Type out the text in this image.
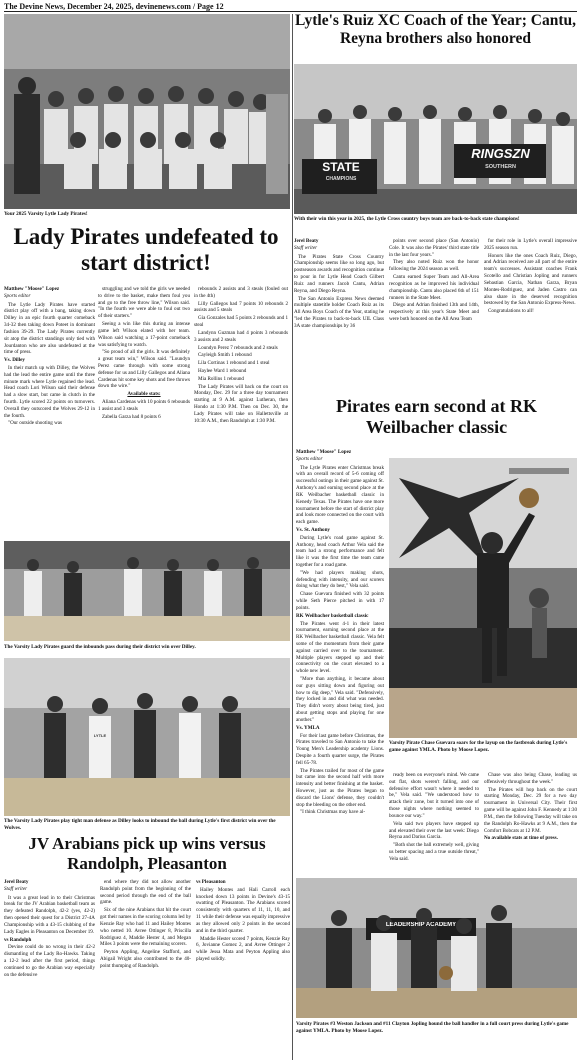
The Devine News, December 24, 2025, devinenews.com / Page 12
Your 2025 Varsity Lytle Lady Pirates!
Lady Pirates undefeated to start district!

Matthew "Moose" Lopez

Sports editor

The Lytle Lady Pirates have started district play off with a bang, taking down Dilley in an epic fourth quarter comeback 34-32 then taking down Poteet in dominant fashion 39-29. The Lady Pirates currently sit atop the district standings only tied with Jourdanton who are also undefeated at the time of press.

Vs. Dilley

In their match up with Dilley, the Wolves had the lead the entire game until the three minute mark where Lytle regained the lead. Head coach Lori Wilson said their defense had a slow start, but came in clutch in the fourth. Lytle scored 22 points on turnovers. Overall they outscored the Wolves 29-12 in the fourth.

"Our outside shooting was

struggling and we told the girls we needed to drive to the basket, make them foul you and go to the free throw line," Wilson said. "In the fourth we were able to foul out two of their starters."

Seeing a win like this during an intense game left Wilson elated with her team. Wilson said watching a 17-point comeback was satisfying to watch.

"So proud of all the girls. It was definitely a great team win," Wilson said. "Loundyn Perez came through with some strong defense for us and Lilly Gallegos and Aliana Cardenas hit some key shots and free throws down the wire."

Available stats:

Aliana Cardenas with 10 points 6 rebounds 1 assist and 3 steals

Zabella Garza had 8 points 6

rebounds 2 assists and 3 steals (fouled out in the 4th)

Lilly Gallegos had 7 points 10 rebounds 2 assists and 5 steals

Gia Gonzales had 5 points 2 rebounds and 1 steal

Landynn Guzman had 4 points 3 rebounds 3 assists and 2 steals

Loundyn Perez 7 rebounds and 2 steals

Cayleigh Smith 1 rebound

Lila Cortinas 1 rebound and 1 steal

Haylee Ward 1 rebound

Mia Rollins 1 rebound

The Lady Pirates will back on the court on Monday, Dec. 29 for a three day tournament starting at 9 A.M. against Lutheran, then Hondo at 1:30 P.M. Then on Dec. 30, the Lady Pirates will take on Hallettsville at 10:30 A.M., then Randolph at 1:30 P.M.

Lytle's Ruiz XC Coach of the Year; Cantu, Reyna brothers also honored
STATE
CHAMPIONS
RINGSZN
SOUTHERN
With their win this year in 2025, the Lytle Cross country boys team are back-to-back state champions!

Jerel Beaty

Staff writer

The Pirates State Cross Country Championship seems like so long ago, but postseason awards and recognition continue to pour in for Lytle Head Coach Gilbert Ruiz and runners Jacob Cantu, Adrian Reyna, and Diego Reyna.

The San Antonio Express News deemed multiple statetitle holder Coach Ruiz as its All Area Boys Coach of the Year, stating he "led the Pirates to back-to-back UIL Class 3A state championships by 36

points over second place (San Antonio) Cole. It was also the Pirates' third state title in the last four years."

They also noted Ruiz won the honor following the 2024 season as well.

Cantu earned Super Team and All-Area recognition as he improved his individual championship. Cantu also placed 6th of 151 runners in the State Meet.

Diego and Adrian finished 13th and 14th, respectively at this year's State Meet and were both honored on the All Area Team

for their role in Lytle's overall impressive 2025 season run.

Honors like the ones Coach Ruiz, Diego, and Adrian received are all part of the entire team's successes. Assistant coaches Frank Scotello and Christian Jopling and runners Sebastian Garcia, Nathan Garza, Bryan Montes-Rodriguez, and Jaden Castro can also share in the deserved recognition bestowed by the San Antonio Express-News.

Congratulations to all!

Pirates earn second at RK Weilbacher classic

Matthew "Moose" Lopez

Sports editor

The Lytle Pirates enter Christmas break with an overall record of 5-6 coming off successful outings in their game against St. Anthony's and earning second place at the RK Weilbacher basketball classic in Kenedy Texas. The Pirates have one more tournament before the start of district play and look more connected on the court with each game.

Vs. St. Anthony

During Lytle's road game against St. Anthony, head coach Arthur Vela said the team had a strong performance and felt like it was the first time the team came together for a road game.

"We had players making shots, defending with intensity, and our scorers doing what they do best," Vela said.

Chase Guevara finished with 32 points while Seth Pierce pitched in with 17 points.

RK Weilbacher basketball classic

The Pirates went 4-1 in their latest tournament, earning second place at the RK Weilbacher basketball classic. Vela felt some of the momentum from their game against carried over to the tournament. Multiple players stepped up and their connectivity on the court elevated to a whole new level.

"More than anything, it became about our guys sitting down and figuring out how to dig deep," Vela said. "Defensively, they locked in and did what was needed. They didn't worry about being tired, just about getting stops and playing for one another."

Vs. YMLA

For their last game before Christmas, the Pirates traveled to San Antonio to take the Young Men's Leadership academy Lions. Despite a fourth quarter surge, the Pirates fell 65-78.

The Pirates trailed for most of the game but came into the second half with more intensity and better finishing at the basket. However, just as the Pirates began to discard the Lions' defense, they couldn't stop the bleeding on the other end.

"I think Christmas may have al-

Varsity Pirate Chase Guevara soars for the layup on the fastbreak during Lytle's game against YMLA. Photo by Moose Lopez.

ready been on everyone's mind. We came out flat, shots weren't falling, and our defensive effort wasn't where it needed to be," Vela said. "We understood how to attack their zone, but it turned into one of those nights where nothing seemed to bounce our way."

Vela said two players have stepped up and elevated their over the last week: Diego Reyna and Darius Garcia.

"Both shot the ball extremely well, giving us better spacing and a true outside threat," Vela said.

Chase was also being Chase, leading us offensively throughout the week."

The Pirates will hop back on the court starting Monday, Dec. 29 for a two day tournament in Universal City. Their first game will be against John F. Kennedy at 1:30 P.M., then the following Tuesday will take on the Randolph Ro-Hawks at 9 A.M., then the Comfort Bobcats at 12 P.M.

No available stats at time of press.

LEADERSHIP ACADEMY
Varsity Pirates #3 Weston Jackson and #11 Clayton Jopling hound the ball handler in a full court press during Lytle's game against YMLA. Photo by Moose Lopez.
The Varsity Lady Pirates guard the inbounds pass during their district win over Dilley.
LYTLE
The Varsity Lady Pirates play tight man defense as Dilley looks to inbound the ball during Lytle's first district win over the Wolves.
JV Arabians pick up wins versus Randolph, Pleasanton

Jerel Beaty

Staff writer

It was a great lead in to their Christmas break for the JV Arabian basketball team as they defeated Randolph, 42-2 (yes, 42-2) then opened their quest for a District 27-4A Championship with a 43-15 clubbing of the Lady Eagles in Pleasanton on December 19.

vs Randolph

Devine could do no wrong in their 42-2 dismantling of the Lady Ro-Hawks. Taking a 12-2 lead after the first period, things continued to go the Arabian way especially on the defensive

end where they did not allow another Randolph point from the beginning of the second period through the end of the ball game.

Six of the nine Arabians that hit the court got their names in the scoring column led by Kenzie Ray who had 11 and Hailey Montes who netted 10. Avree Ottinger 8, Priscilla Rodriguez 4, Maddie Hester 4, and Megan Miles 3 points were the remaining scorers.

Peyton Appling, Angeline Stafford, and Abigail Wright also contributed to the 40-point thumping of Randolph.

vs Pleasanton

Hailey Montes and Hali Carroll each knocked down 13 points in Devine's 43-15 swatting of Pleasanton. The Arabians scored consistently with quarters of 11, 11, 10, and 11 while their defense was equally impressive as they allowed only 2 points in the second and in the third quarter.

Maddie Hester scored 7 points, Kenzie Ray 6, Jovianne Gomez 2, and Avree Ottinger 2 while Jessa Mata and Peyton Appling also played solidly.
